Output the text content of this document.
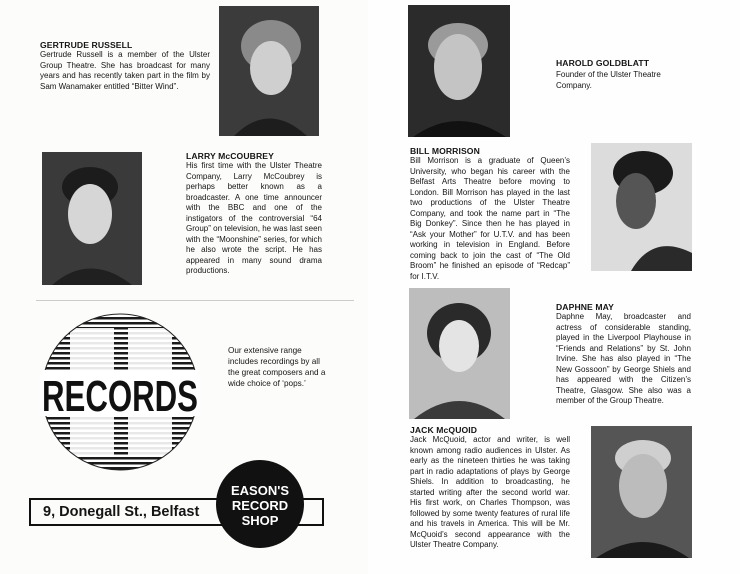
GERTRUDE RUSSELL
Gertrude Russell is a member of the Ulster Group Theatre. She has broadcast for many years and has recently taken part in the film by Sam Wanamaker entitled “Bitter Wind”.
LARRY McCOUBREY
His first time with the Ulster Theatre Company, Larry McCoubrey is perhaps better known as a broadcaster. A one time announcer with the BBC and one of the instigators of the controversial “64 Group” on television, he was last seen with the “Moonshine” series, for which he also wrote the script. He has appeared in many sound drama productions.
RECORDS
Our extensive range includes recordings by all the great composers and a wide choice of ‘pops.’
9, Donegall St., Belfast
EASON'S
RECORD
SHOP
HAROLD GOLDBLATT
Founder of the Ulster Theatre Company.
BILL MORRISON
Bill Morrison is a graduate of Queen’s University, who began his career with the Belfast Arts Theatre before moving to London. Bill Morrison has played in the last two productions of the Ulster Theatre Company, and took the name part in “The Big Donkey”. Since then he has played in “Ask your Mother” for U.T.V. and has been working in television in England. Before coming back to join the cast of “The Old Broom” he finished an episode of “Redcap” for I.T.V.
DAPHNE MAY
Daphne May, broadcaster and actress of considerable standing, played in the Liverpool Playhouse in “Friends and Relations” by St. John Irvine. She has also played in “The New Gossoon” by George Shiels and has appeared with the Citizen’s Theatre, Glasgow. She also was a member of the Group Theatre.
JACK McQUOID
Jack McQuoid, actor and writer, is well known among radio audiences in Ulster. As early as the nineteen thirties he was taking part in radio adaptations of plays by George Shiels. In addition to broadcasting, he started writing after the second world war. His first work, on Charles Thompson, was followed by some twenty features of rural life and his travels in America. This will be Mr. McQuoid’s second appearance with the Ulster Theatre Company.
